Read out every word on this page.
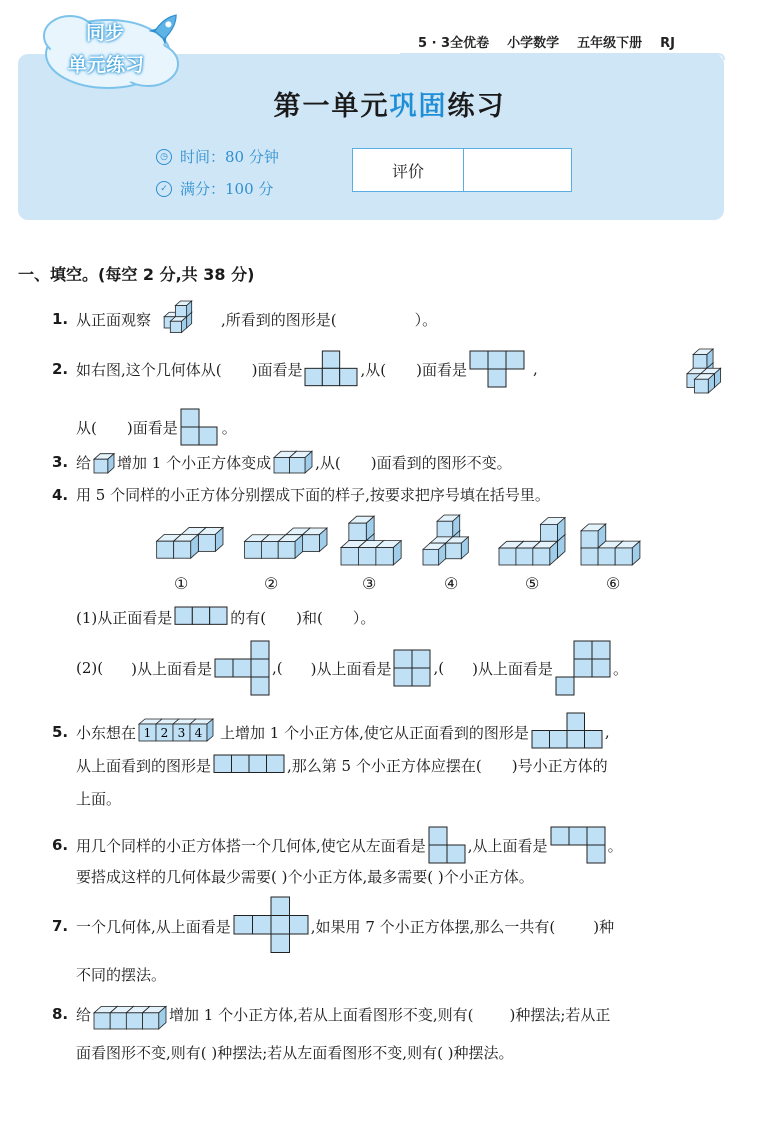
同步
单元练习
5 · 3全优卷 小学数学 五年级下册 RJ
第一单元巩固练习
◷ 时间：80 分钟
✓ 满分：100 分
评价
一、填空。(每空 2 分,共 38 分)
1. 从正面观察	,所看到的图形是(	）。
2. 如右图,这个几何体从( )面看是	,从( )面看是	,
从( )面看是	。
3. 给 增加 1 个小正方体变成	,从( )面看到的图形不变。
4. 用 5 个同样的小正方体分别摆成下面的样子,按要求把序号填在括号里。
①	②	③	④	⑤	⑥
(1)从正面看是	的有( )和( ）。
(2)( )从上面看是	,( )从上面看是	,( )从上面看是	。
5. 小东想在 1 2 3 4 上增加 1 个小正方体,使它从正面看到的图形是	,
从上面看到的图形是	,那么第 5 个小正方体应摆在( )号小正方体的
上面。
6. 用几个同样的小正方体搭一个几何体,使它从左面看是	,从上面看是	。
要搭成这样的几何体最少需要( )个小正方体,最多需要( )个小正方体。
7. 一个几何体,从上面看是	,如果用 7 个小正方体摆,那么一共有(	)种
不同的摆法。
8. 给	增加 1 个小正方体,若从上面看图形不变,则有( )种摆法;若从正
面看图形不变,则有( )种摆法;若从左面看图形不变,则有( )种摆法。
